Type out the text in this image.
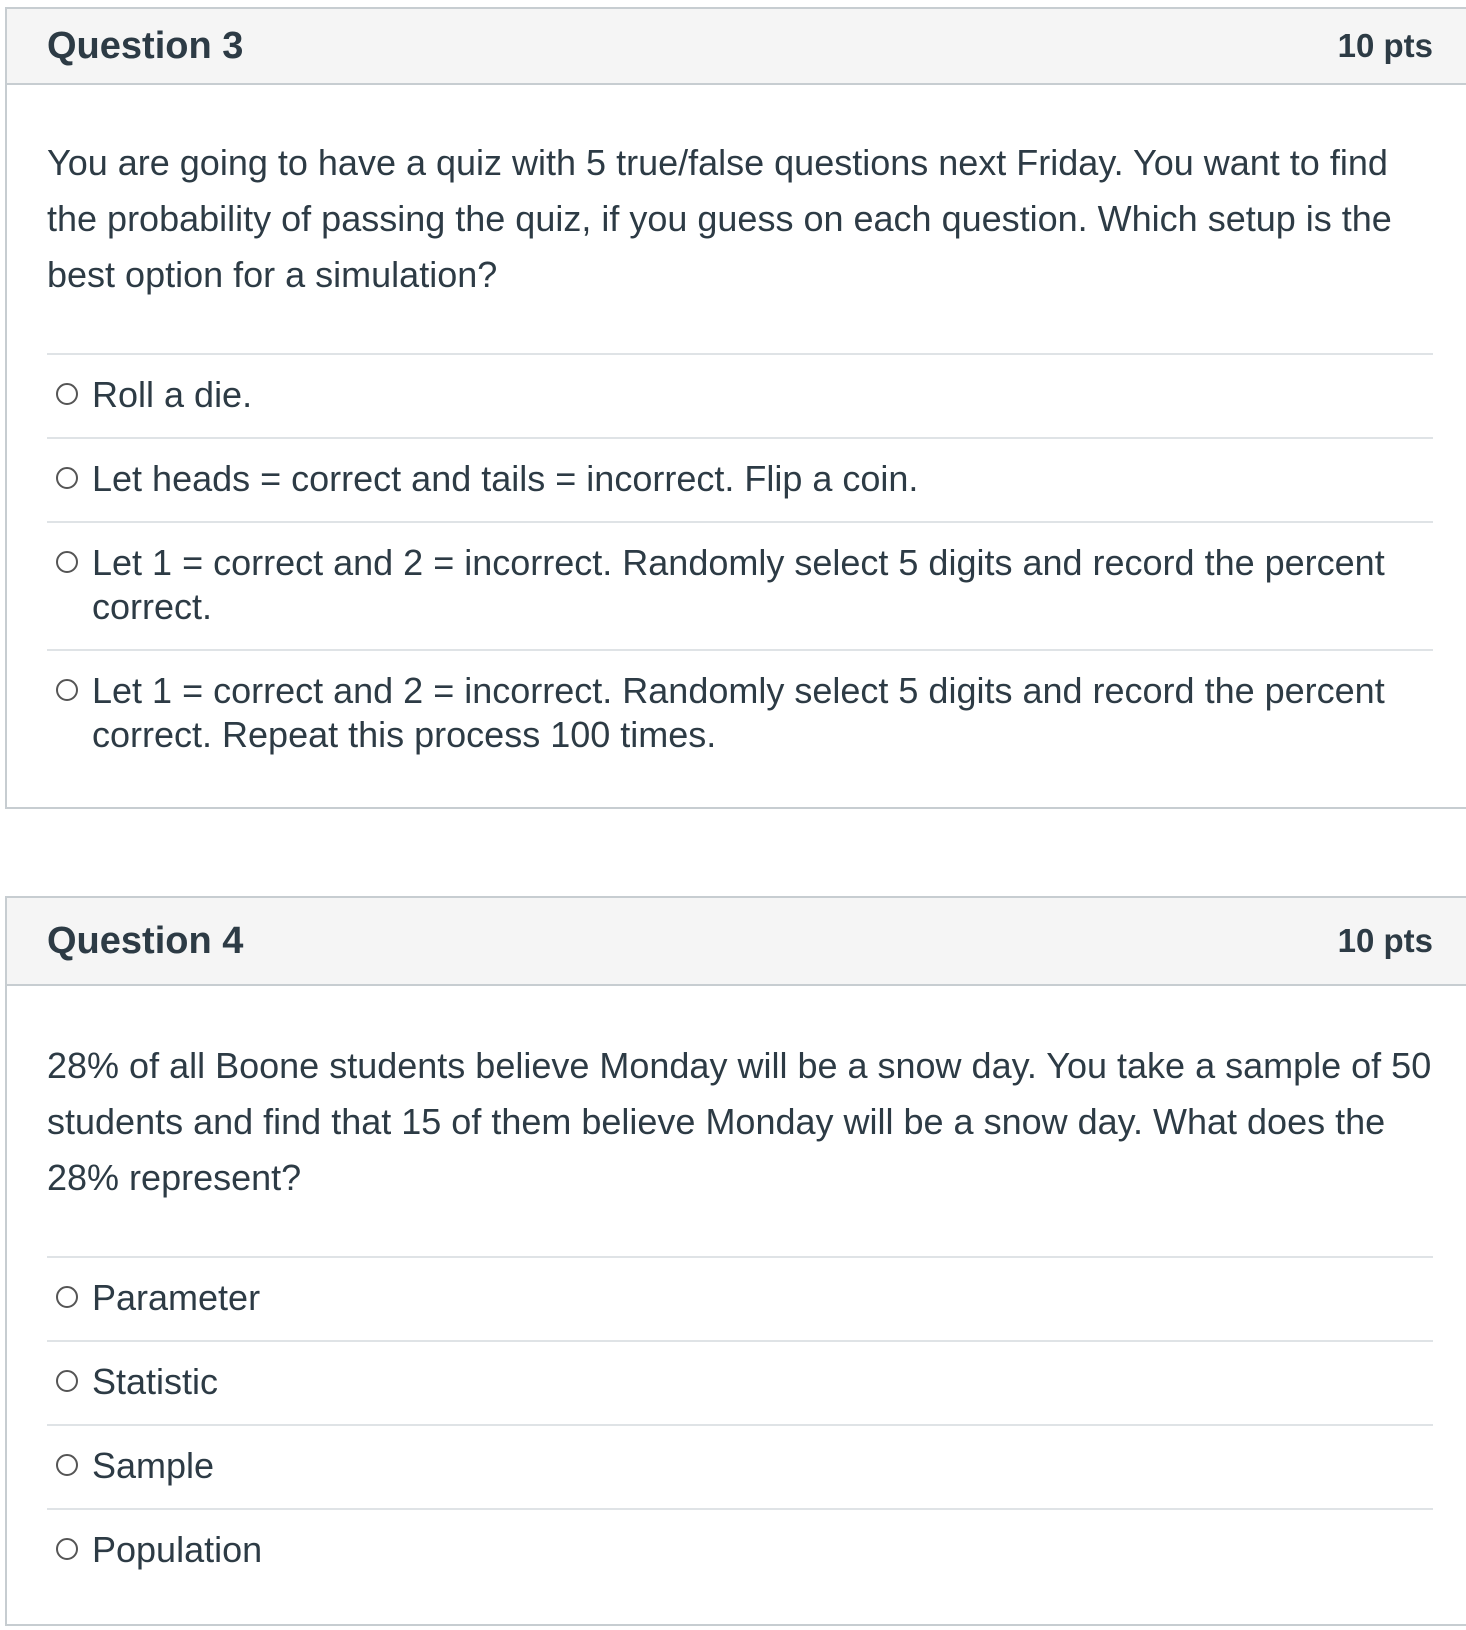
Question 3	10 pts

You are going to have a quiz with 5 true/false questions next Friday. You want to find the probability of passing the quiz, if you guess on each question. Which setup is the best option for a simulation?

Roll a die.
Let heads = correct and tails = incorrect. Flip a coin.
Let 1 = correct and 2 = incorrect. Randomly select 5 digits and record the percent correct.
Let 1 = correct and 2 = incorrect. Randomly select 5 digits and record the percent correct. Repeat this process 100 times.
Question 4	10 pts

28% of all Boone students believe Monday will be a snow day. You take a sample of 50 students and find that 15 of them believe Monday will be a snow day. What does the 28% represent?

Parameter
Statistic
Sample
Population
